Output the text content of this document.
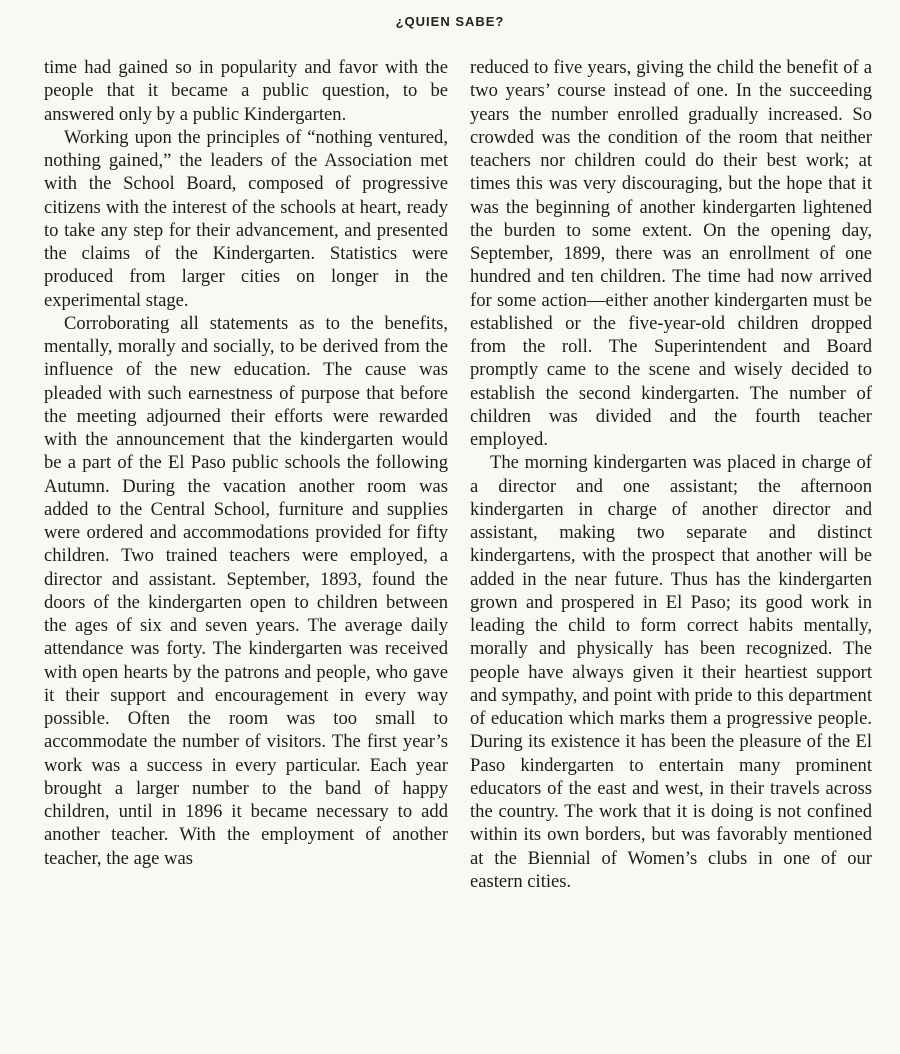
¿QUIEN SABE?

time had gained so in popularity and favor with the people that it became a public question, to be answered only by a public Kindergarten.

Working upon the principles of “nothing ventured, nothing gained,” the leaders of the Association met with the School Board, composed of progressive citizens with the interest of the schools at heart, ready to take any step for their advancement, and presented the claims of the Kindergarten. Statistics were produced from larger cities on longer in the experimental stage.

Corroborating all statements as to the benefits, mentally, morally and socially, to be derived from the influence of the new education. The cause was pleaded with such earnestness of purpose that before the meeting adjourned their efforts were rewarded with the announcement that the kindergarten would be a part of the El Paso public schools the following Autumn. During the vacation another room was added to the Central School, furniture and supplies were ordered and accommodations provided for fifty children. Two trained teachers were employed, a director and assistant. September, 1893, found the doors of the kindergarten open to children between the ages of six and seven years. The average daily attendance was forty. The kindergarten was received with open hearts by the patrons and people, who gave it their support and encouragement in every way possible. Often the room was too small to accommodate the number of visitors. The first year’s work was a success in every particular. Each year brought a larger number to the band of happy children, until in 1896 it became necessary to add another teacher. With the employment of another teacher, the age was

reduced to five years, giving the child the benefit of a two years’ course instead of one. In the succeeding years the number enrolled gradually increased. So crowded was the condition of the room that neither teachers nor children could do their best work; at times this was very discouraging, but the hope that it was the beginning of another kindergarten lightened the burden to some extent. On the opening day, September, 1899, there was an enrollment of one hundred and ten children. The time had now arrived for some action—either another kindergarten must be established or the five-year-old children dropped from the roll. The Superintendent and Board promptly came to the scene and wisely decided to establish the second kindergarten. The number of children was divided and the fourth teacher employed.

The morning kindergarten was placed in charge of a director and one assistant; the afternoon kindergarten in charge of another director and assistant, making two separate and distinct kindergartens, with the prospect that another will be added in the near future. Thus has the kindergarten grown and prospered in El Paso; its good work in leading the child to form correct habits mentally, morally and physically has been recognized. The people have always given it their heartiest support and sympathy, and point with pride to this department of education which marks them a progressive people. During its existence it has been the pleasure of the El Paso kindergarten to entertain many prominent educators of the east and west, in their travels across the country. The work that it is doing is not confined within its own borders, but was favorably mentioned at the Biennial of Women’s clubs in one of our eastern cities.
